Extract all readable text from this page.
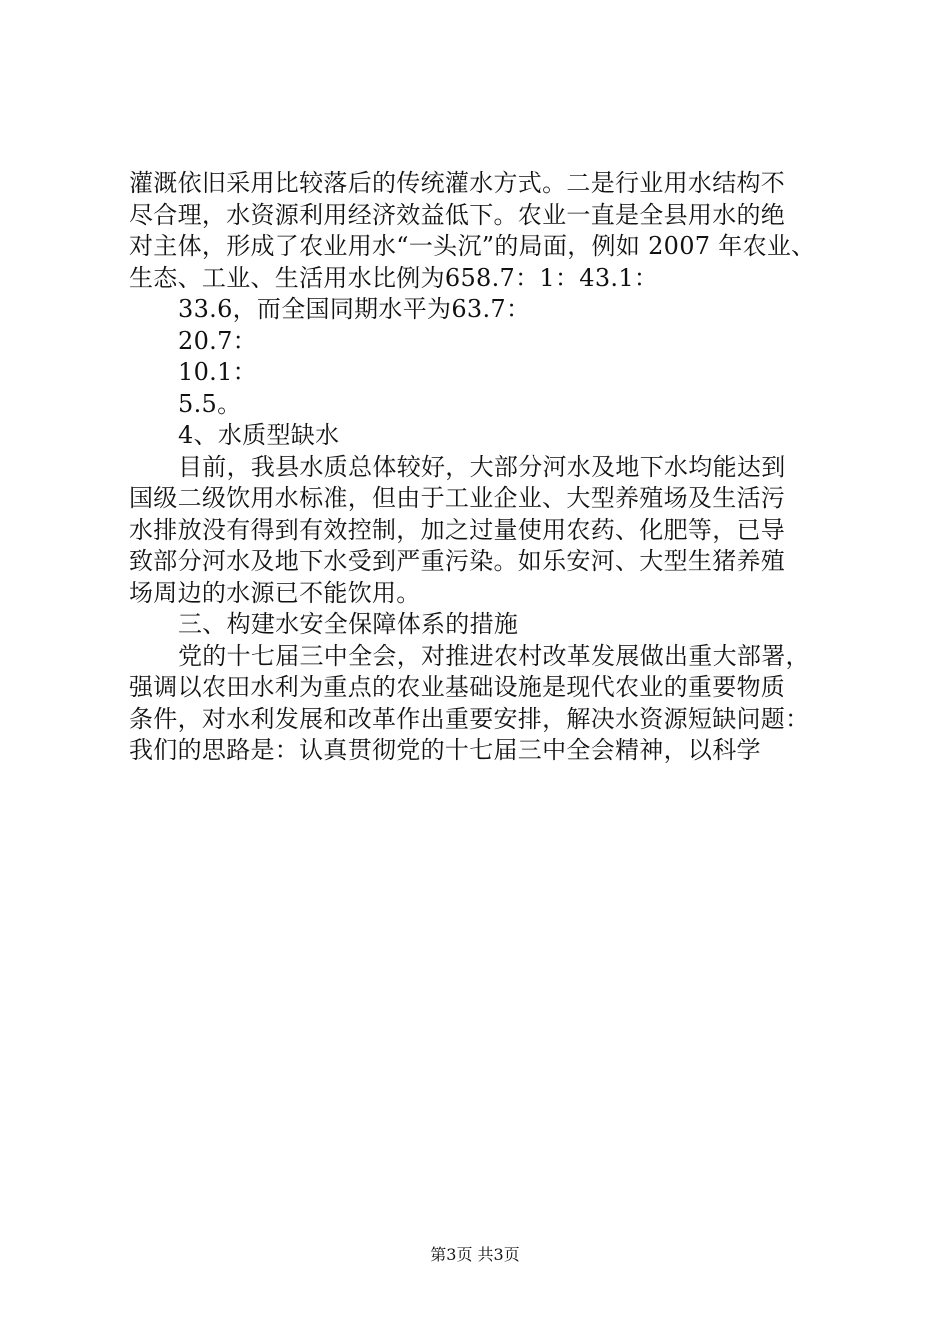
灌溉依旧采用比较落后的传统灌水方式。二是行业用水结构不
尽合理，水资源利用经济效益低下。农业一直是全县用水的绝
对主体，形成了农业用水“一头沉”的局面，例如 2007 年农业、
生态、工业、生活用水比例为658.7：1：43.1：
33.6，而全国同期水平为63.7：
20.7：
10.1：
5.5。
4、水质型缺水
目前，我县水质总体较好，大部分河水及地下水均能达到
国级二级饮用水标准，但由于工业企业、大型养殖场及生活污
水排放没有得到有效控制，加之过量使用农药、化肥等，已导
致部分河水及地下水受到严重污染。如乐安河、大型生猪养殖
场周边的水源已不能饮用。
三、构建水安全保障体系的措施
党的十七届三中全会，对推进农村改革发展做出重大部署，
强调以农田水利为重点的农业基础设施是现代农业的重要物质
条件，对水利发展和改革作出重要安排，解决水资源短缺问题：
我们的思路是：认真贯彻党的十七届三中全会精神，以科学
第3页 共3页
